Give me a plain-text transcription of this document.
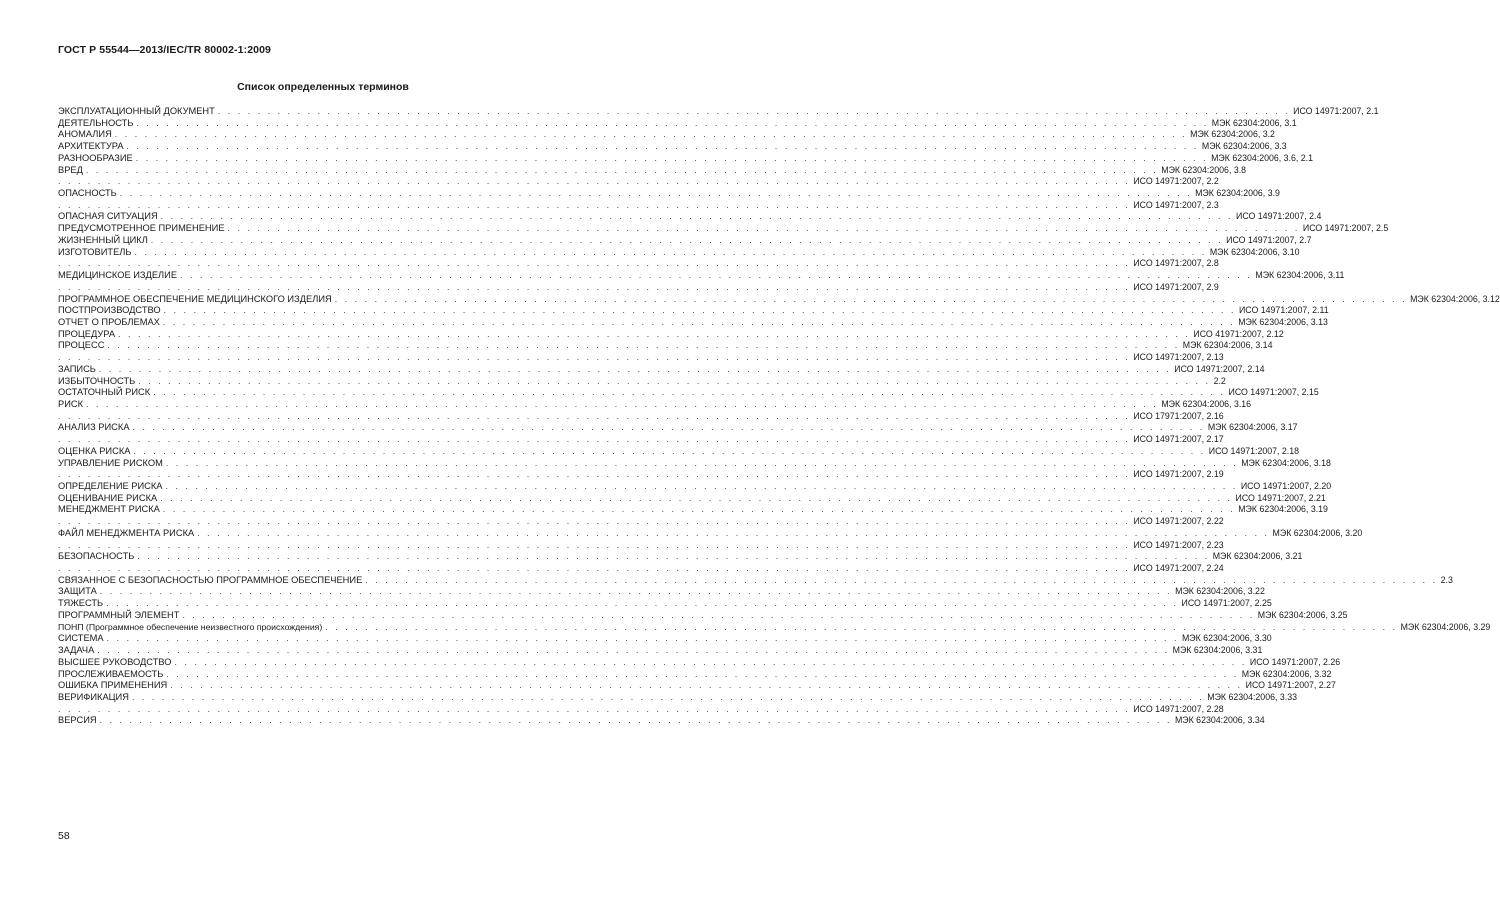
ГОСТ Р 55544—2013/IEC/TR 80002-1:2009
Список определенных терминов
ЭКСПЛУАТАЦИОННЫЙ ДОКУМЕНТ . . . . . . . . . . . . . . . . . . . . . . . . . . . . . . . . . . . . . . . . . . . . . . . . . . . . . . . . . . . . . . . . . . . . . . . . . . . . . . . . . . . . . . . . . . . . . . . . . . . . . . . . . . . . ИСО 14971:2007, 2.1
ДЕЯТЕЛЬНОСТЬ . . . . . . . . . . . . . . . . . . . . . . . . . . . . . . . . . . . . . . . . . . . . . . . . . . . . . . . . . . . . . . . . . . . . . . . . . . . . . . . . . . . . . . . . . . . . . . . . . . . . . . . . . . . . МЭК 62304:2006, 3.1
АНОМАЛИЯ . . . . . . . . . . . . . . . . . . . . . . . . . . . . . . . . . . . . . . . . . . . . . . . . . . . . . . . . . . . . . . . . . . . . . . . . . . . . . . . . . . . . . . . . . . . . . . . . . . . . . . . . . . . . МЭК 62304:2006, 3.2
АРХИТЕКТУРА . . . . . . . . . . . . . . . . . . . . . . . . . . . . . . . . . . . . . . . . . . . . . . . . . . . . . . . . . . . . . . . . . . . . . . . . . . . . . . . . . . . . . . . . . . . . . . . . . . . . . . . . . . . . МЭК 62304:2006, 3.3
РАЗНООБРАЗИЕ . . . . . . . . . . . . . . . . . . . . . . . . . . . . . . . . . . . . . . . . . . . . . . . . . . . . . . . . . . . . . . . . . . . . . . . . . . . . . . . . . . . . . . . . . . . . . . . . . . . . . . . . . . . . МЭК 62304:2006, 3.6, 2.1
ВРЕД . . . . . . . . . . . . . . . . . . . . . . . . . . . . . . . . . . . . . . . . . . . . . . . . . . . . . . . . . . . . . . . . . . . . . . . . . . . . . . . . . . . . . . . . . . . . . . . . . . . . . . . . . . . . МЭК 62304:2006, 3.8
. . . . . . . . . . . . . . . . . . . . . . . . . . . . . . . . . . . . . . . . . . . . . . . . . . . . . . . . . . . . . . . . . . . . . . . . . . . . . . . . . . . . . . . . . . . . . . . . . . . . . . . . . . . . ИСО 14971:2007, 2.2
ОПАСНОСТЬ . . . . . . . . . . . . . . . . . . . . . . . . . . . . . . . . . . . . . . . . . . . . . . . . . . . . . . . . . . . . . . . . . . . . . . . . . . . . . . . . . . . . . . . . . . . . . . . . . . . . . . . . . . . . МЭК 62304:2006, 3.9
. . . . . . . . . . . . . . . . . . . . . . . . . . . . . . . . . . . . . . . . . . . . . . . . . . . . . . . . . . . . . . . . . . . . . . . . . . . . . . . . . . . . . . . . . . . . . . . . . . . . . . . . . . . . ИСО 14971:2007, 2.3
ОПАСНАЯ СИТУАЦИЯ . . . . . . . . . . . . . . . . . . . . . . . . . . . . . . . . . . . . . . . . . . . . . . . . . . . . . . . . . . . . . . . . . . . . . . . . . . . . . . . . . . . . . . . . . . . . . . . . . . . . . . . . . . . . ИСО 14971:2007, 2.4
ПРЕДУСМОТРЕННОЕ ПРИМЕНЕНИЕ . . . . . . . . . . . . . . . . . . . . . . . . . . . . . . . . . . . . . . . . . . . . . . . . . . . . . . . . . . . . . . . . . . . . . . . . . . . . . . . . . . . . . . . . . . . . . . . . . . . . . . . . . . . . ИСО 14971:2007, 2.5
ЖИЗНЕННЫЙ ЦИКЛ . . . . . . . . . . . . . . . . . . . . . . . . . . . . . . . . . . . . . . . . . . . . . . . . . . . . . . . . . . . . . . . . . . . . . . . . . . . . . . . . . . . . . . . . . . . . . . . . . . . . . . . . . . . . ИСО 14971:2007, 2.7
ИЗГОТОВИТЕЛЬ . . . . . . . . . . . . . . . . . . . . . . . . . . . . . . . . . . . . . . . . . . . . . . . . . . . . . . . . . . . . . . . . . . . . . . . . . . . . . . . . . . . . . . . . . . . . . . . . . . . . . . . . . . . . МЭК 62304:2006, 3.10
. . . . . . . . . . . . . . . . . . . . . . . . . . . . . . . . . . . . . . . . . . . . . . . . . . . . . . . . . . . . . . . . . . . . . . . . . . . . . . . . . . . . . . . . . . . . . . . . . . . . . . . . . . . . ИСО 14971:2007, 2.8
МЕДИЦИНСКОЕ ИЗДЕЛИЕ . . . . . . . . . . . . . . . . . . . . . . . . . . . . . . . . . . . . . . . . . . . . . . . . . . . . . . . . . . . . . . . . . . . . . . . . . . . . . . . . . . . . . . . . . . . . . . . . . . . . . . . . . . . . МЭК 62304:2006, 3.11
. . . . . . . . . . . . . . . . . . . . . . . . . . . . . . . . . . . . . . . . . . . . . . . . . . . . . . . . . . . . . . . . . . . . . . . . . . . . . . . . . . . . . . . . . . . . . . . . . . . . . . . . . . . . ИСО 14971:2007, 2.9
ПРОГРАММНОЕ ОБЕСПЕЧЕНИЕ МЕДИЦИНСКОГО ИЗДЕЛИЯ . . . . . . . . . . . . . . . . . . . . . . . . . . . . . . . . . . . . . . . . . . . . . . . . . . . . . . . . . . . . . . . . . . . . . . . . . . . . . . . . . . . . . . . . . . . . . . . . . . . . . . . . . . . . МЭК 62304:2006, 3.12
ПОСТПРОИЗВОДСТВО . . . . . . . . . . . . . . . . . . . . . . . . . . . . . . . . . . . . . . . . . . . . . . . . . . . . . . . . . . . . . . . . . . . . . . . . . . . . . . . . . . . . . . . . . . . . . . . . . . . . . . . . . . . . ИСО 14971:2007, 2.11
ОТЧЕТ О ПРОБЛЕМАХ . . . . . . . . . . . . . . . . . . . . . . . . . . . . . . . . . . . . . . . . . . . . . . . . . . . . . . . . . . . . . . . . . . . . . . . . . . . . . . . . . . . . . . . . . . . . . . . . . . . . . . . . . . . . МЭК 62304:2006, 3.13
ПРОЦЕДУРА . . . . . . . . . . . . . . . . . . . . . . . . . . . . . . . . . . . . . . . . . . . . . . . . . . . . . . . . . . . . . . . . . . . . . . . . . . . . . . . . . . . . . . . . . . . . . . . . . . . . . . . . . . . . ИСО 41971:2007, 2.12
ПРОЦЕСС . . . . . . . . . . . . . . . . . . . . . . . . . . . . . . . . . . . . . . . . . . . . . . . . . . . . . . . . . . . . . . . . . . . . . . . . . . . . . . . . . . . . . . . . . . . . . . . . . . . . . . . . . . . . МЭК 62304:2006, 3.14
. . . . . . . . . . . . . . . . . . . . . . . . . . . . . . . . . . . . . . . . . . . . . . . . . . . . . . . . . . . . . . . . . . . . . . . . . . . . . . . . . . . . . . . . . . . . . . . . . . . . . . . . . . . . ИСО 14971:2007, 2.13
ЗАПИСЬ . . . . . . . . . . . . . . . . . . . . . . . . . . . . . . . . . . . . . . . . . . . . . . . . . . . . . . . . . . . . . . . . . . . . . . . . . . . . . . . . . . . . . . . . . . . . . . . . . . . . . . . . . . . . ИСО 14971:2007, 2.14
ИЗБЫТОЧНОСТЬ . . . . . . . . . . . . . . . . . . . . . . . . . . . . . . . . . . . . . . . . . . . . . . . . . . . . . . . . . . . . . . . . . . . . . . . . . . . . . . . . . . . . . . . . . . . . . . . . . . . . . . . . . . . . 2.2
ОСТАТОЧНЫЙ РИСК . . . . . . . . . . . . . . . . . . . . . . . . . . . . . . . . . . . . . . . . . . . . . . . . . . . . . . . . . . . . . . . . . . . . . . . . . . . . . . . . . . . . . . . . . . . . . . . . . . . . . . . . . . . . ИСО 14971:2007, 2.15
РИСК . . . . . . . . . . . . . . . . . . . . . . . . . . . . . . . . . . . . . . . . . . . . . . . . . . . . . . . . . . . . . . . . . . . . . . . . . . . . . . . . . . . . . . . . . . . . . . . . . . . . . . . . . . . . МЭК 62304:2006, 3.16
. . . . . . . . . . . . . . . . . . . . . . . . . . . . . . . . . . . . . . . . . . . . . . . . . . . . . . . . . . . . . . . . . . . . . . . . . . . . . . . . . . . . . . . . . . . . . . . . . . . . . . . . . . . . ИСО 17971:2007, 2.16
АНАЛИЗ РИСКА . . . . . . . . . . . . . . . . . . . . . . . . . . . . . . . . . . . . . . . . . . . . . . . . . . . . . . . . . . . . . . . . . . . . . . . . . . . . . . . . . . . . . . . . . . . . . . . . . . . . . . . . . . . . МЭК 62304:2006, 3.17
. . . . . . . . . . . . . . . . . . . . . . . . . . . . . . . . . . . . . . . . . . . . . . . . . . . . . . . . . . . . . . . . . . . . . . . . . . . . . . . . . . . . . . . . . . . . . . . . . . . . . . . . . . . . ИСО 14971:2007, 2.17
ОЦЕНКА РИСКА . . . . . . . . . . . . . . . . . . . . . . . . . . . . . . . . . . . . . . . . . . . . . . . . . . . . . . . . . . . . . . . . . . . . . . . . . . . . . . . . . . . . . . . . . . . . . . . . . . . . . . . . . . . . ИСО 14971:2007, 2.18
УПРАВЛЕНИЕ РИСКОМ . . . . . . . . . . . . . . . . . . . . . . . . . . . . . . . . . . . . . . . . . . . . . . . . . . . . . . . . . . . . . . . . . . . . . . . . . . . . . . . . . . . . . . . . . . . . . . . . . . . . . . . . . . . . МЭК 62304:2006, 3.18
. . . . . . . . . . . . . . . . . . . . . . . . . . . . . . . . . . . . . . . . . . . . . . . . . . . . . . . . . . . . . . . . . . . . . . . . . . . . . . . . . . . . . . . . . . . . . . . . . . . . . . . . . . . . ИСО 14971:2007, 2.19
ОПРЕДЕЛЕНИЕ РИСКА . . . . . . . . . . . . . . . . . . . . . . . . . . . . . . . . . . . . . . . . . . . . . . . . . . . . . . . . . . . . . . . . . . . . . . . . . . . . . . . . . . . . . . . . . . . . . . . . . . . . . . . . . . . . ИСО 14971:2007, 2.20
ОЦЕНИВАНИЕ РИСКА . . . . . . . . . . . . . . . . . . . . . . . . . . . . . . . . . . . . . . . . . . . . . . . . . . . . . . . . . . . . . . . . . . . . . . . . . . . . . . . . . . . . . . . . . . . . . . . . . . . . . . . . . . . . ИСО 14971:2007, 2.21
МЕНЕДЖМЕНТ РИСКА . . . . . . . . . . . . . . . . . . . . . . . . . . . . . . . . . . . . . . . . . . . . . . . . . . . . . . . . . . . . . . . . . . . . . . . . . . . . . . . . . . . . . . . . . . . . . . . . . . . . . . . . . . . . МЭК 62304:2006, 3.19
. . . . . . . . . . . . . . . . . . . . . . . . . . . . . . . . . . . . . . . . . . . . . . . . . . . . . . . . . . . . . . . . . . . . . . . . . . . . . . . . . . . . . . . . . . . . . . . . . . . . . . . . . . . . ИСО 14971:2007, 2.22
ФАЙЛ МЕНЕДЖМЕНТА РИСКА . . . . . . . . . . . . . . . . . . . . . . . . . . . . . . . . . . . . . . . . . . . . . . . . . . . . . . . . . . . . . . . . . . . . . . . . . . . . . . . . . . . . . . . . . . . . . . . . . . . . . . . . . . . . МЭК 62304:2006, 3.20
. . . . . . . . . . . . . . . . . . . . . . . . . . . . . . . . . . . . . . . . . . . . . . . . . . . . . . . . . . . . . . . . . . . . . . . . . . . . . . . . . . . . . . . . . . . . . . . . . . . . . . . . . . . . ИСО 14971:2007, 2.23
БЕЗОПАСНОСТЬ . . . . . . . . . . . . . . . . . . . . . . . . . . . . . . . . . . . . . . . . . . . . . . . . . . . . . . . . . . . . . . . . . . . . . . . . . . . . . . . . . . . . . . . . . . . . . . . . . . . . . . . . . . . . МЭК 62304:2006, 3.21
. . . . . . . . . . . . . . . . . . . . . . . . . . . . . . . . . . . . . . . . . . . . . . . . . . . . . . . . . . . . . . . . . . . . . . . . . . . . . . . . . . . . . . . . . . . . . . . . . . . . . . . . . . . . ИСО 14971:2007, 2.24
СВЯЗАННОЕ С БЕЗОПАСНОСТЬЮ ПРОГРАММНОЕ ОБЕСПЕЧЕНИЕ . . . . . . . . . . . . . . . . . . . . . . . . . . . . . . . . . . . . . . . . . . . . . . . . . . . . . . . . . . . . . . . . . . . . . . . . . . . . . . . . . . . . . . . . . . . . . . . . . . . . . . . . . . . . 2.3
ЗАЩИТА . . . . . . . . . . . . . . . . . . . . . . . . . . . . . . . . . . . . . . . . . . . . . . . . . . . . . . . . . . . . . . . . . . . . . . . . . . . . . . . . . . . . . . . . . . . . . . . . . . . . . . . . . . . . МЭК 62304:2006, 3.22
ТЯЖЕСТЬ . . . . . . . . . . . . . . . . . . . . . . . . . . . . . . . . . . . . . . . . . . . . . . . . . . . . . . . . . . . . . . . . . . . . . . . . . . . . . . . . . . . . . . . . . . . . . . . . . . . . . . . . . . . . ИСО 14971:2007, 2.25
ПРОГРАММНЫЙ ЭЛЕМЕНТ . . . . . . . . . . . . . . . . . . . . . . . . . . . . . . . . . . . . . . . . . . . . . . . . . . . . . . . . . . . . . . . . . . . . . . . . . . . . . . . . . . . . . . . . . . . . . . . . . . . . . . . . . . . . МЭК 62304:2006, 3.25
ПОНП (Программное обеспечение неизвестного происхождения) . . . . . . . . . . . . . . . . . . . . . . . . . . . . . . . . . . . . . . . . . . . . . . . . . . . . . . . . . . . . . . . . . . . . . . . . . . . . . . . . . . . . . . . . . . . . . . . . . . . . . . . . . . . . МЭК 62304:2006, 3.29
СИСТЕМА . . . . . . . . . . . . . . . . . . . . . . . . . . . . . . . . . . . . . . . . . . . . . . . . . . . . . . . . . . . . . . . . . . . . . . . . . . . . . . . . . . . . . . . . . . . . . . . . . . . . . . . . . . . . МЭК 62304:2006, 3.30
ЗАДАЧА . . . . . . . . . . . . . . . . . . . . . . . . . . . . . . . . . . . . . . . . . . . . . . . . . . . . . . . . . . . . . . . . . . . . . . . . . . . . . . . . . . . . . . . . . . . . . . . . . . . . . . . . . . . . МЭК 62304:2006, 3.31
ВЫСШЕЕ РУКОВОДСТВО . . . . . . . . . . . . . . . . . . . . . . . . . . . . . . . . . . . . . . . . . . . . . . . . . . . . . . . . . . . . . . . . . . . . . . . . . . . . . . . . . . . . . . . . . . . . . . . . . . . . . . . . . . . . ИСО 14971:2007, 2.26
ПРОСЛЕЖИВАЕМОСТЬ . . . . . . . . . . . . . . . . . . . . . . . . . . . . . . . . . . . . . . . . . . . . . . . . . . . . . . . . . . . . . . . . . . . . . . . . . . . . . . . . . . . . . . . . . . . . . . . . . . . . . . . . . . . . МЭК 62304:2006, 3.32
ОШИБКА ПРИМЕНЕНИЯ . . . . . . . . . . . . . . . . . . . . . . . . . . . . . . . . . . . . . . . . . . . . . . . . . . . . . . . . . . . . . . . . . . . . . . . . . . . . . . . . . . . . . . . . . . . . . . . . . . . . . . . . . . . . ИСО 14971:2007, 2.27
ВЕРИФИКАЦИЯ . . . . . . . . . . . . . . . . . . . . . . . . . . . . . . . . . . . . . . . . . . . . . . . . . . . . . . . . . . . . . . . . . . . . . . . . . . . . . . . . . . . . . . . . . . . . . . . . . . . . . . . . . . . . МЭК 62304:2006, 3.33
. . . . . . . . . . . . . . . . . . . . . . . . . . . . . . . . . . . . . . . . . . . . . . . . . . . . . . . . . . . . . . . . . . . . . . . . . . . . . . . . . . . . . . . . . . . . . . . . . . . . . . . . . . . . ИСО 14971:2007, 2.28
ВЕРСИЯ . . . . . . . . . . . . . . . . . . . . . . . . . . . . . . . . . . . . . . . . . . . . . . . . . . . . . . . . . . . . . . . . . . . . . . . . . . . . . . . . . . . . . . . . . . . . . . . . . . . . . . . . . . . . МЭК 62304:2006, 3.34
58
